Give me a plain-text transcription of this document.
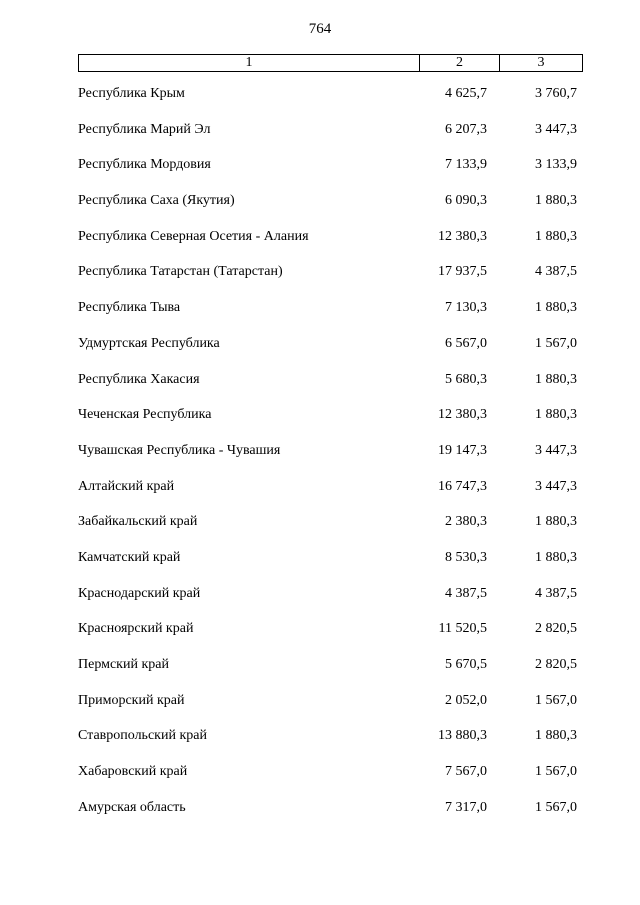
764
1	2	3
Республика Крым	4 625,7	3 760,7
Республика Марий Эл	6 207,3	3 447,3
Республика Мордовия	7 133,9	3 133,9
Республика Саха (Якутия)	6 090,3	1 880,3
Республика Северная Осетия - Алания	12 380,3	1 880,3
Республика Татарстан (Татарстан)	17 937,5	4 387,5
Республика Тыва	7 130,3	1 880,3
Удмуртская Республика	6 567,0	1 567,0
Республика Хакасия	5 680,3	1 880,3
Чеченская Республика	12 380,3	1 880,3
Чувашская Республика - Чувашия	19 147,3	3 447,3
Алтайский край	16 747,3	3 447,3
Забайкальский край	2 380,3	1 880,3
Камчатский край	8 530,3	1 880,3
Краснодарский край	4 387,5	4 387,5
Красноярский край	11 520,5	2 820,5
Пермский край	5 670,5	2 820,5
Приморский край	2 052,0	1 567,0
Ставропольский край	13 880,3	1 880,3
Хабаровский край	7 567,0	1 567,0
Амурская область	7 317,0	1 567,0
